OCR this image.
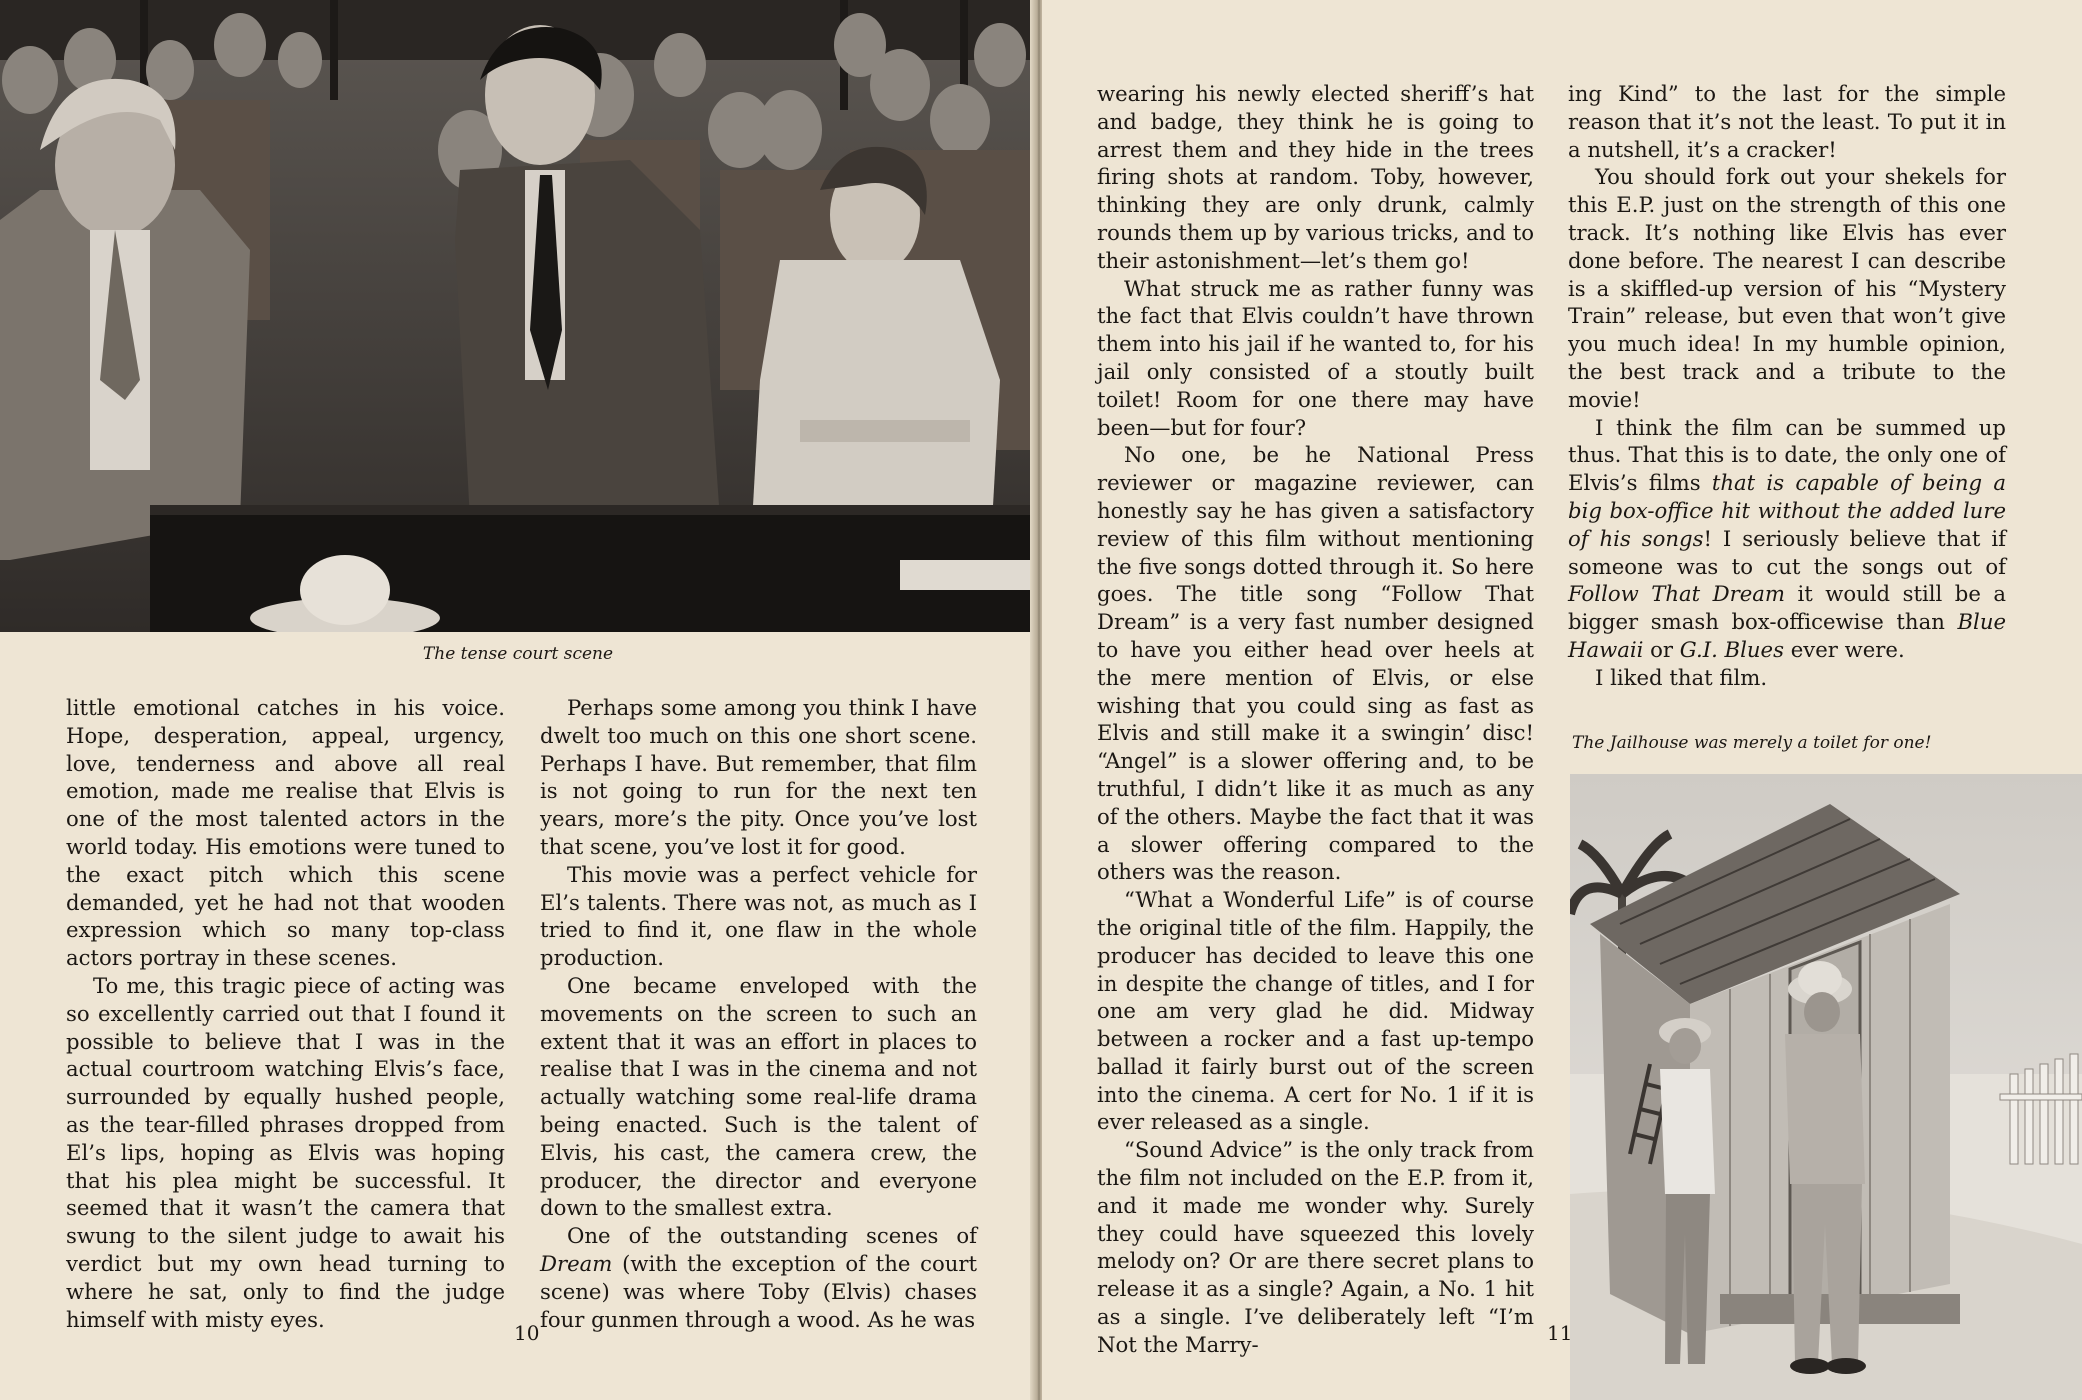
The tense court scene

little emotional catches in his voice. Hope, desperation, appeal, urgency, love, tenderness and above all real emotion, made me realise that Elvis is one of the most talented actors in the world today. His emotions were tuned to the exact pitch which this scene demanded, yet he had not that wooden expression which so many top-class actors portray in these scenes.

To me, this tragic piece of acting was so excellently carried out that I found it possible to believe that I was in the actual courtroom watching Elvis’s face, surrounded by equally hushed people, as the tear-filled phrases dropped from El’s lips, hoping as Elvis was hoping that his plea might be successful. It seemed that it wasn’t the camera that swung to the silent judge to await his verdict but my own head turning to where he sat, only to find the judge himself with misty eyes.

Perhaps some among you think I have dwelt too much on this one short scene. Perhaps I have. But remember, that film is not going to run for the next ten years, more’s the pity. Once you’ve lost that scene, you’ve lost it for good.

This movie was a perfect vehicle for El’s talents. There was not, as much as I tried to find it, one flaw in the whole production.

One became enveloped with the movements on the screen to such an extent that it was an effort in places to realise that I was in the cinema and not actually watching some real-life drama being enacted. Such is the talent of Elvis, his cast, the camera crew, the producer, the director and everyone down to the smallest extra.

One of the outstanding scenes of Dream (with the exception of the court scene) was where Toby (Elvis) chases four gunmen through a wood. As he was

10

wearing his newly elected sheriff’s hat and badge, they think he is going to arrest them and they hide in the trees firing shots at random. Toby, however, thinking they are only drunk, calmly rounds them up by various tricks, and to their astonishment—let’s them go!

What struck me as rather funny was the fact that Elvis couldn’t have thrown them into his jail if he wanted to, for his jail only consisted of a stoutly built toilet! Room for one there may have been—but for four?

No one, be he National Press reviewer or magazine reviewer, can honestly say he has given a satisfactory review of this film without mentioning the five songs dotted through it. So here goes. The title song “Follow That Dream” is a very fast number designed to have you either head over heels at the mere mention of Elvis, or else wishing that you could sing as fast as Elvis and still make it a swingin’ disc! “Angel” is a slower offering and, to be truthful, I didn’t like it as much as any of the others. Maybe the fact that it was a slower offering compared to the others was the reason.

“What a Wonderful Life” is of course the original title of the film. Happily, the producer has decided to leave this one in despite the change of titles, and I for one am very glad he did. Midway between a rocker and a fast up-tempo ballad it fairly burst out of the screen into the cinema. A cert for No. 1 if it is ever released as a single.

“Sound Advice” is the only track from the film not included on the E.P. from it, and it made me wonder why. Surely they could have squeezed this lovely melody on? Or are there secret plans to release it as a single? Again, a No. 1 hit as a single. I’ve deliberately left “I’m Not the Marry-

ing Kind” to the last for the simple reason that it’s not the least. To put it in a nutshell, it’s a cracker!

You should fork out your shekels for this E.P. just on the strength of this one track. It’s nothing like Elvis has ever done before. The nearest I can describe is a skiffled-up version of his “Mystery Train” release, but even that won’t give you much idea! In my humble opinion, the best track and a tribute to the movie!

I think the film can be summed up thus. That this is to date, the only one of Elvis’s films that is capable of being a big box-office hit without the added lure of his songs! I seriously believe that if someone was to cut the songs out of Follow That Dream it would still be a bigger smash box-officewise than Blue Hawaii or G.I. Blues ever were.

I liked that film.

The Jailhouse was merely a toilet for one!
11
